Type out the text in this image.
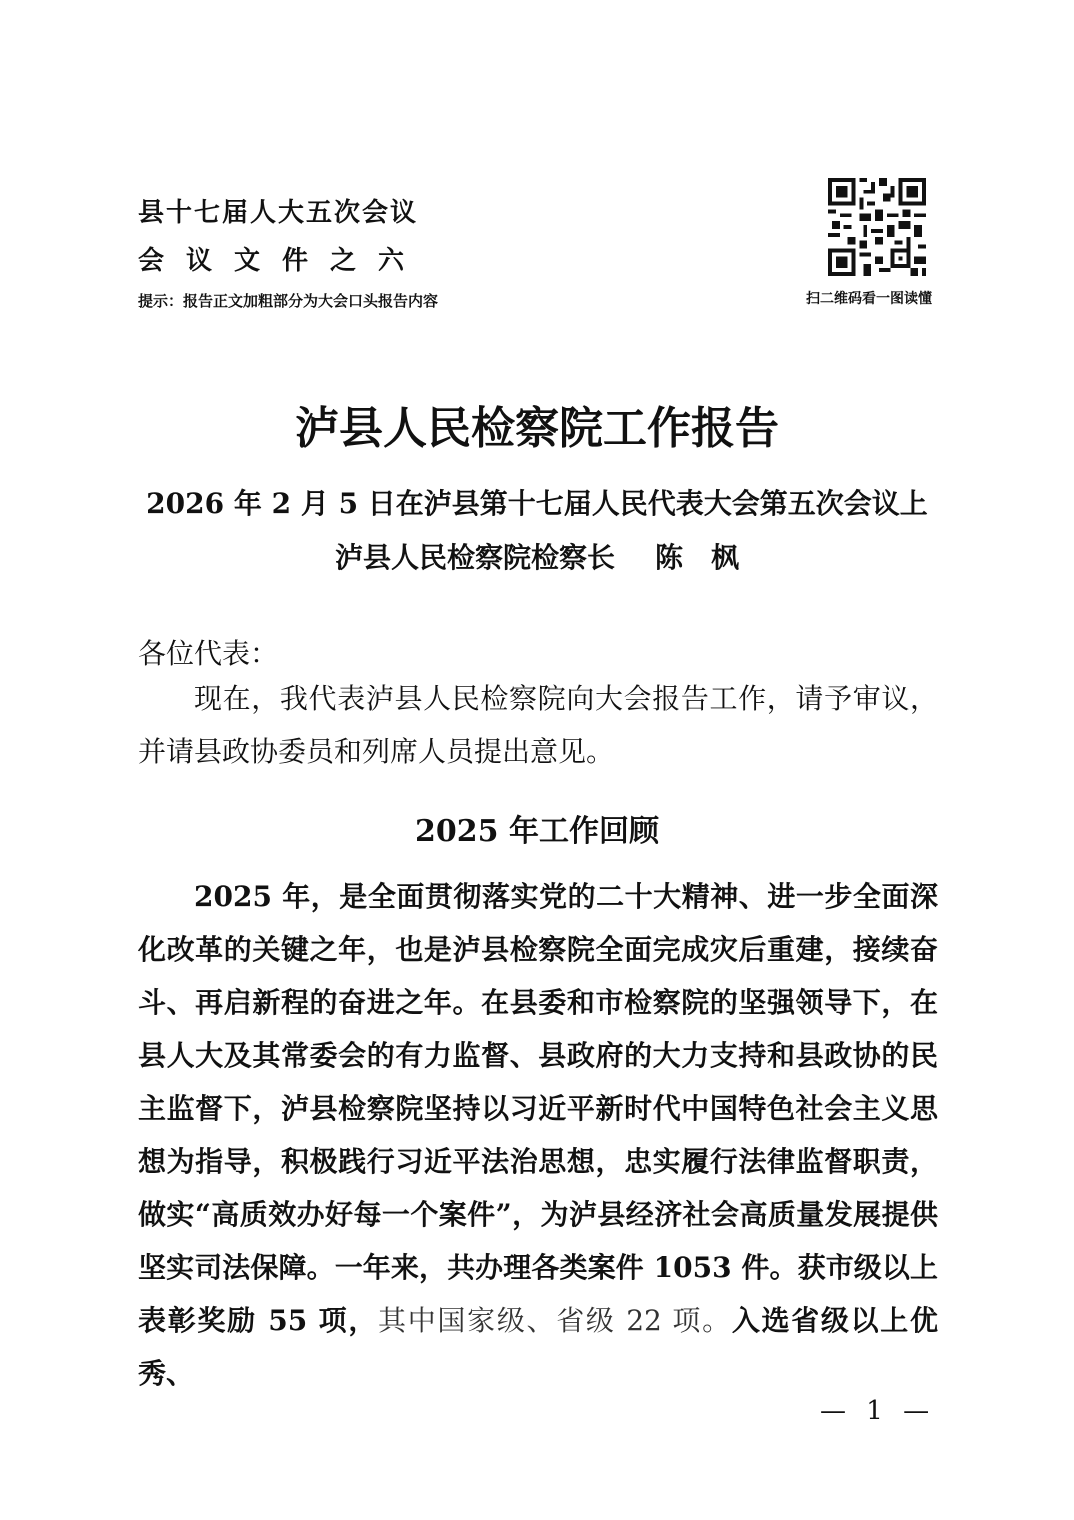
县十七届人大五次会议
会议文件之六
提示：报告正文加粗部分为大会口头报告内容	扫二维码看一图读懂
泸县人民检察院工作报告
2026 年 2 月 5 日在泸县第十七届人民代表大会第五次会议上
泸县人民检察院检察长 陈　枫
各位代表：
现在，我代表泸县人民检察院向大会报告工作，请予审议，并请县政协委员和列席人员提出意见。
2025 年工作回顾
2025 年，是全面贯彻落实党的二十大精神、进一步全面深化改革的关键之年，也是泸县检察院全面完成灾后重建，接续奋斗、再启新程的奋进之年。在县委和市检察院的坚强领导下，在县人大及其常委会的有力监督、县政府的大力支持和县政协的民主监督下，泸县检察院坚持以习近平新时代中国特色社会主义思想为指导，积极践行习近平法治思想，忠实履行法律监督职责，做实“高质效办好每一个案件”，为泸县经济社会高质量发展提供坚实司法保障。一年来，共办理各类案件 1053 件。获市级以上表彰奖励 55 项，其中国家级、省级 22 项。入选省级以上优秀、
— 1 —
